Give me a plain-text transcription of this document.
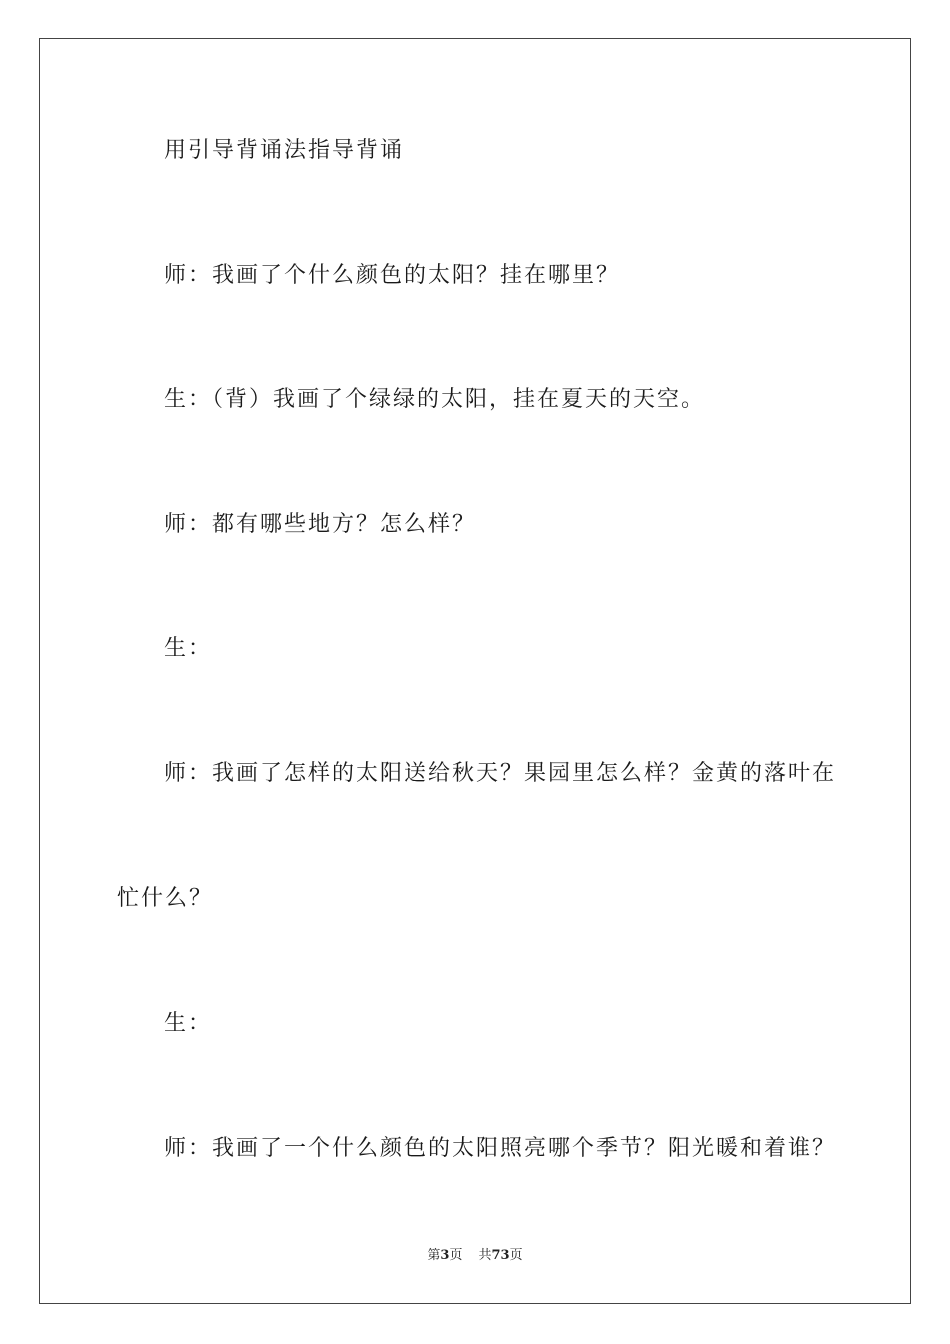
用引导背诵法指导背诵

师：我画了个什么颜色的太阳？挂在哪里？

生：（背）我画了个绿绿的太阳，挂在夏天的天空。

师：都有哪些地方？怎么样？

生：

师：我画了怎样的太阳送给秋天？果园里怎么样？金黄的落叶在

忙什么？

生：

师：我画了一个什么颜色的太阳照亮哪个季节？阳光暖和着谁？

第3页 共73页
